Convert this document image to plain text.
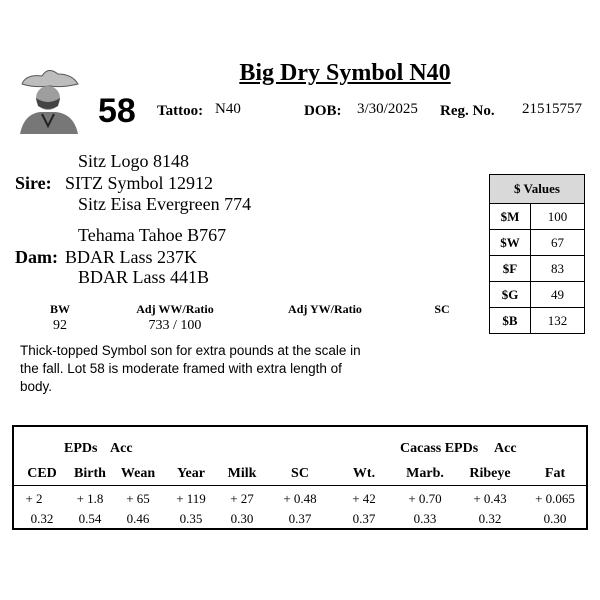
Big Dry Symbol N40
58 Tattoo: N40	DOB: 3/30/2025 Reg. No. 21515757
Sitz Logo 8148
Sire: SITZ Symbol 12912
Sitz Eisa Evergreen 774
Tehama Tahoe B767
Dam: BDAR Lass 237K
BDAR Lass 441B
$ Values	
$M	100
$W	67
$F	83
$G	49
$B	132
BW	Adj WW/Ratio	Adj YW/Ratio	SC
92	733 / 100
Thick-topped Symbol son for extra pounds at the scale in the fall. Lot 58 is moderate framed with extra length of body.
EPDs Acc	Cacass EPDs Acc
CED	Birth	Wean	Year	Milk	SC	Wt.	Marb.	Ribeye	Fat
+ 2	+ 1.8	+ 65	+ 119	+ 27	+ 0.48	+ 42	+ 0.70	+ 0.43	+ 0.065
0.32	0.54	0.46	0.35	0.30	0.37	0.37	0.33	0.32	0.30
